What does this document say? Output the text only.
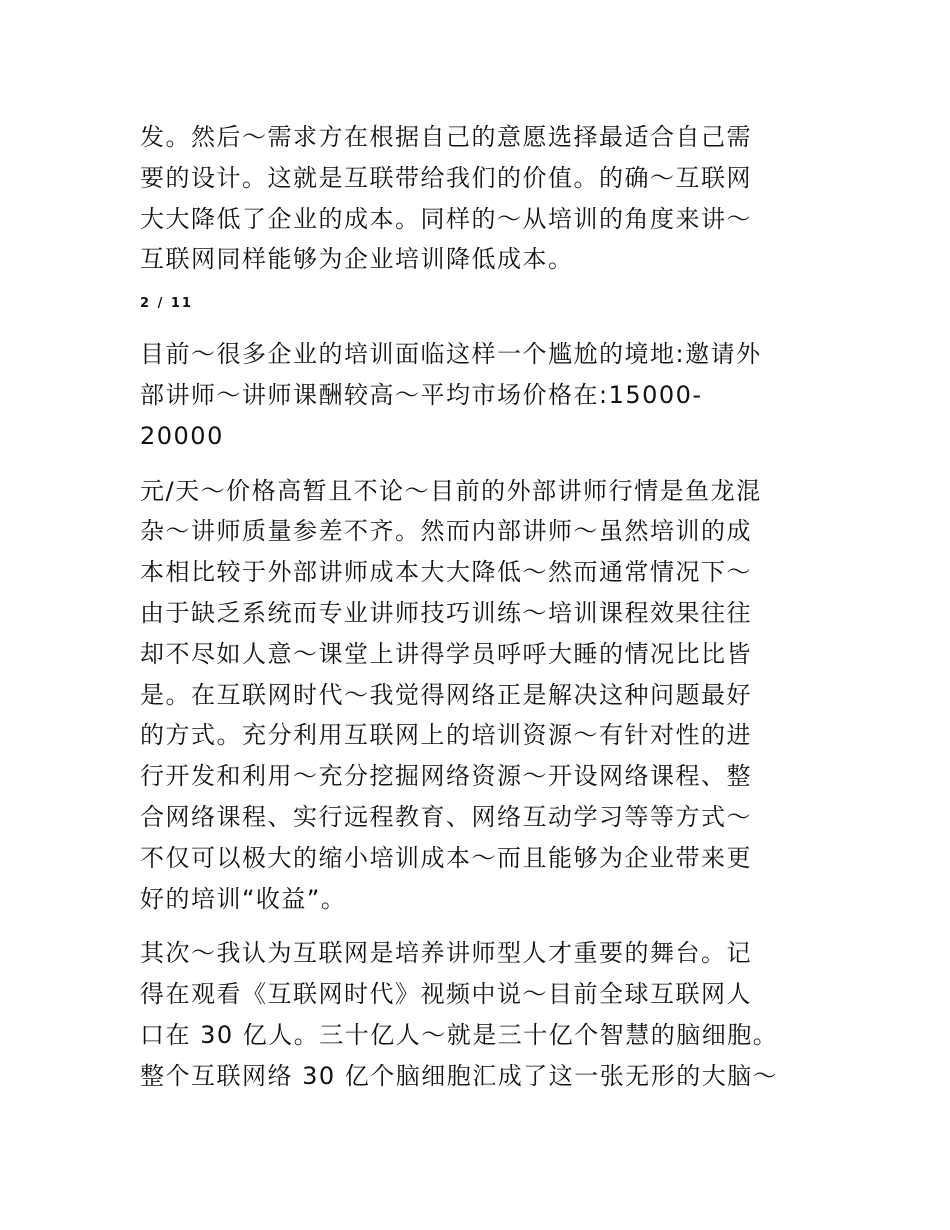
发。然后～需求方在根据自己的意愿选择最适合自己需
要的设计。这就是互联带给我们的价值。的确～互联网
大大降低了企业的成本。同样的～从培训的角度来讲～
互联网同样能够为企业培训降低成本。
2 / 11
目前～很多企业的培训面临这样一个尴尬的境地:邀请外
部讲师～讲师课酬较高～平均市场价格在:15000-
20000
元/天～价格高暂且不论～目前的外部讲师行情是鱼龙混
杂～讲师质量参差不齐。然而内部讲师～虽然培训的成
本相比较于外部讲师成本大大降低～然而通常情况下～
由于缺乏系统而专业讲师技巧训练～培训课程效果往往
却不尽如人意～课堂上讲得学员呼呼大睡的情况比比皆
是。在互联网时代～我觉得网络正是解决这种问题最好
的方式。充分利用互联网上的培训资源～有针对性的进
行开发和利用～充分挖掘网络资源～开设网络课程、整
合网络课程、实行远程教育、网络互动学习等等方式～
不仅可以极大的缩小培训成本～而且能够为企业带来更
好的培训“收益”。
其次～我认为互联网是培养讲师型人才重要的舞台。记
得在观看《互联网时代》视频中说～目前全球互联网人
口在 30 亿人。三十亿人～就是三十亿个智慧的脑细胞。
整个互联网络 30 亿个脑细胞汇成了这一张无形的大脑～
